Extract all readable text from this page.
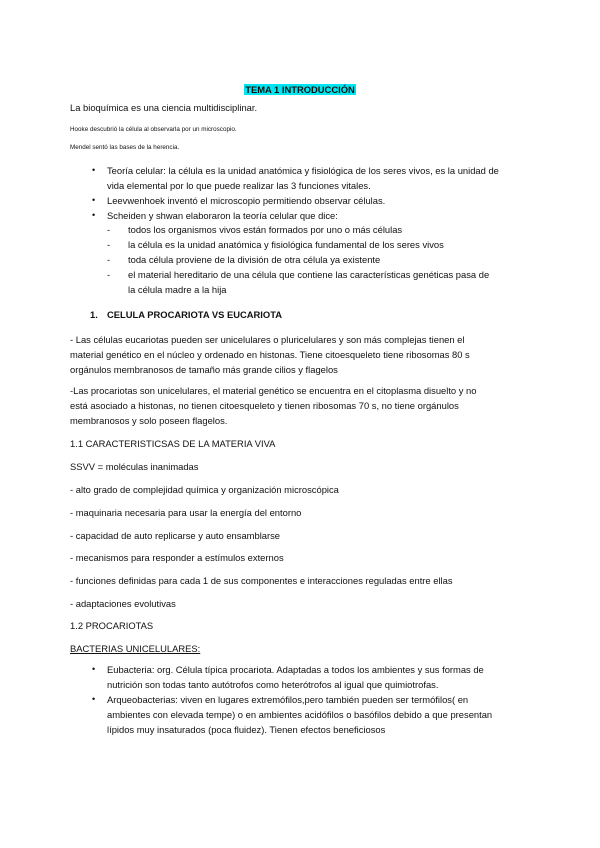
TEMA 1 INTRODUCCIÓN
La bioquímica es una ciencia multidisciplinar.
Hooke descubrió la célula al observarla por un microscopio.
Mendel sentó las bases de la herencia.
• Teoría celular: la célula es la unidad anatómica y fisiológica de los seres vivos, es la unidad de
vida elemental por lo que puede realizar las 3 funciones vitales.
• Leevwenhoek inventó el microscopio permitiendo observar células.
• Scheiden y shwan elaboraron la teoría celular que dice:
- todos los organismos vivos están formados por uno o más células
- la célula es la unidad anatómica y fisiológica fundamental de los seres vivos
- toda célula proviene de la división de otra célula ya existente
- el material hereditario de una célula que contiene las características genéticas pasa de
la célula madre a la hija
1. CELULA PROCARIOTA VS EUCARIOTA
- Las células eucariotas pueden ser unicelulares o pluricelulares y son más complejas tienen el
material genético en el núcleo y ordenado en histonas. Tiene citoesqueleto tiene ribosomas 80 s
orgánulos membranosos de tamaño más grande cilios y flagelos
-Las procariotas son unicelulares, el material genético se encuentra en el citoplasma disuelto y no
está asociado a histonas, no tienen citoesqueleto y tienen ribosomas 70 s, no tiene orgánulos
membranosos y solo poseen flagelos.
1.1 CARACTERISTICSAS DE LA MATERIA VIVA
SSVV = moléculas inanimadas
- alto grado de complejidad química y organización microscópica
- maquinaria necesaria para usar la energía del entorno
- capacidad de auto replicarse y auto ensamblarse
- mecanismos para responder a estímulos externos
- funciones definidas para cada 1 de sus componentes e interacciones reguladas entre ellas
- adaptaciones evolutivas
1.2 PROCARIOTAS
BACTERIAS UNICELULARES:
• Eubacteria: org. Célula típica procariota. Adaptadas a todos los ambientes y sus formas de
nutrición son todas tanto autótrofos como heterótrofos al igual que quimiotrofas.
• Arqueobacterias: viven en lugares extremófilos,pero también pueden ser termófilos( en
ambientes con elevada tempe) o en ambientes acidófilos o basófilos debido a que presentan
lípidos muy insaturados (poca fluidez). Tienen efectos beneficiosos
